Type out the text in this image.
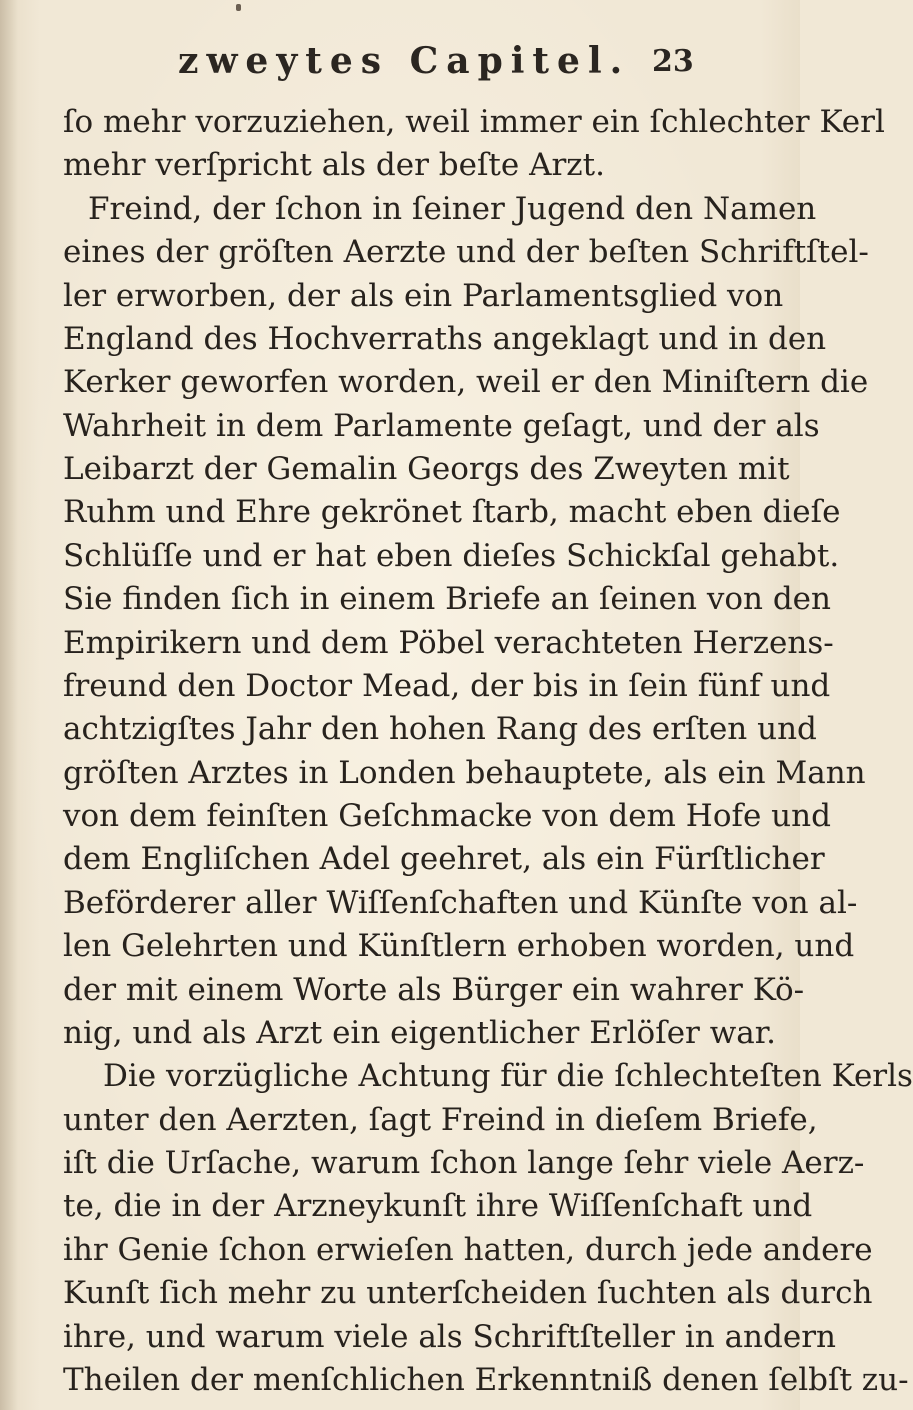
zweytes Capitel. 23
ſo mehr vorzuziehen, weil immer ein ſchlechter Kerl
mehr verſpricht als der beſte Arzt.
Freind, der ſchon in ſeiner Jugend den Namen
eines der gröſten Aerzte und der beſten Schriftſtel-
ler erworben, der als ein Parlamentsglied von
England des Hochverraths angeklagt und in den
Kerker geworfen worden, weil er den Miniſtern die
Wahrheit in dem Parlamente geſagt, und der als
Leibarzt der Gemalin Georgs des Zweyten mit
Ruhm und Ehre gekrönet ſtarb, macht eben dieſe
Schlüſſe und er hat eben dieſes Schickſal gehabt.
Sie finden ſich in einem Briefe an ſeinen von den
Empirikern und dem Pöbel verachteten Herzens-
freund den Doctor Mead, der bis in ſein fünf und
achtzigſtes Jahr den hohen Rang des erſten und
gröſten Arztes in Londen behauptete, als ein Mann
von dem feinſten Geſchmacke von dem Hofe und
dem Engliſchen Adel geehret, als ein Fürſtlicher
Beförderer aller Wiſſenſchaften und Künſte von al-
len Gelehrten und Künſtlern erhoben worden, und
der mit einem Worte als Bürger ein wahrer Kö-
nig, und als Arzt ein eigentlicher Erlöſer war.
Die vorzügliche Achtung für die ſchlechteſten Kerls
unter den Aerzten, ſagt Freind in dieſem Briefe,
iſt die Urſache, warum ſchon lange ſehr viele Aerz-
te, die in der Arzneykunſt ihre Wiſſenſchaft und
ihr Genie ſchon erwieſen hatten, durch jede andere
Kunſt ſich mehr zu unterſcheiden ſuchten als durch
ihre, und warum viele als Schriftſteller in andern
Theilen der menſchlichen Erkenntniß denen ſelbſt zu-
